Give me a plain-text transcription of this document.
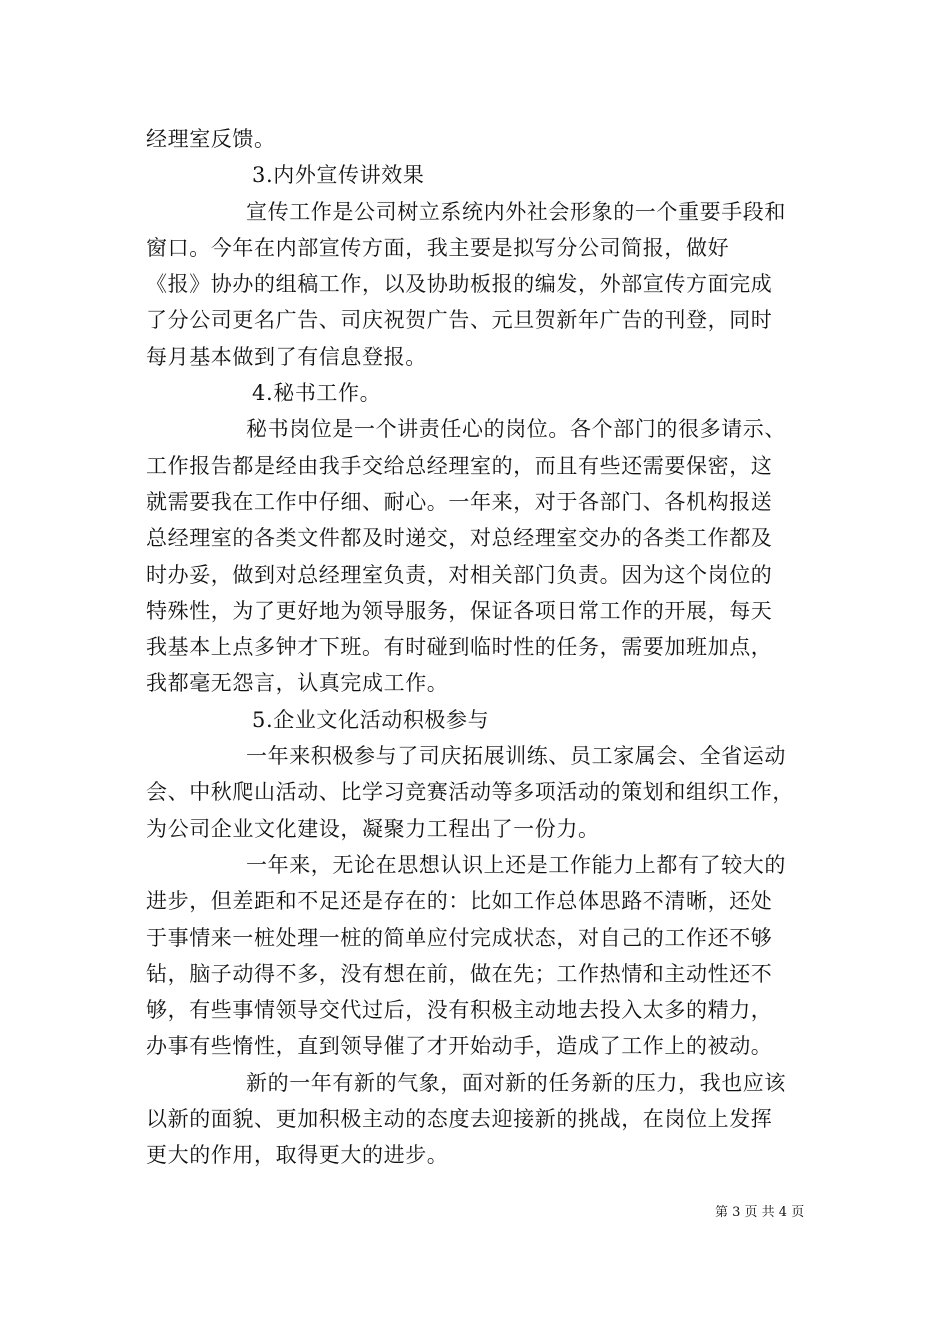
经理室反馈。
3.内外宣传讲效果
宣传工作是公司树立系统内外社会形象的一个重要手段和
窗口。今年在内部宣传方面，我主要是拟写分公司简报，做好
《报》协办的组稿工作，以及协助板报的编发，外部宣传方面完成
了分公司更名广告、司庆祝贺广告、元旦贺新年广告的刊登，同时
每月基本做到了有信息登报。
4.秘书工作。
秘书岗位是一个讲责任心的岗位。各个部门的很多请示、
工作报告都是经由我手交给总经理室的，而且有些还需要保密，这
就需要我在工作中仔细、耐心。一年来，对于各部门、各机构报送
总经理室的各类文件都及时递交，对总经理室交办的各类工作都及
时办妥，做到对总经理室负责，对相关部门负责。因为这个岗位的
特殊性，为了更好地为领导服务，保证各项日常工作的开展，每天
我基本上点多钟才下班。有时碰到临时性的任务，需要加班加点，
我都毫无怨言，认真完成工作。
5.企业文化活动积极参与
一年来积极参与了司庆拓展训练、员工家属会、全省运动
会、中秋爬山活动、比学习竞赛活动等多项活动的策划和组织工作，
为公司企业文化建设，凝聚力工程出了一份力。
一年来，无论在思想认识上还是工作能力上都有了较大的
进步，但差距和不足还是存在的：比如工作总体思路不清晰，还处
于事情来一桩处理一桩的简单应付完成状态，对自己的工作还不够
钻，脑子动得不多，没有想在前，做在先；工作热情和主动性还不
够，有些事情领导交代过后，没有积极主动地去投入太多的精力，
办事有些惰性，直到领导催了才开始动手，造成了工作上的被动。
新的一年有新的气象，面对新的任务新的压力，我也应该
以新的面貌、更加积极主动的态度去迎接新的挑战，在岗位上发挥
更大的作用，取得更大的进步。
第 3 页 共 4 页
